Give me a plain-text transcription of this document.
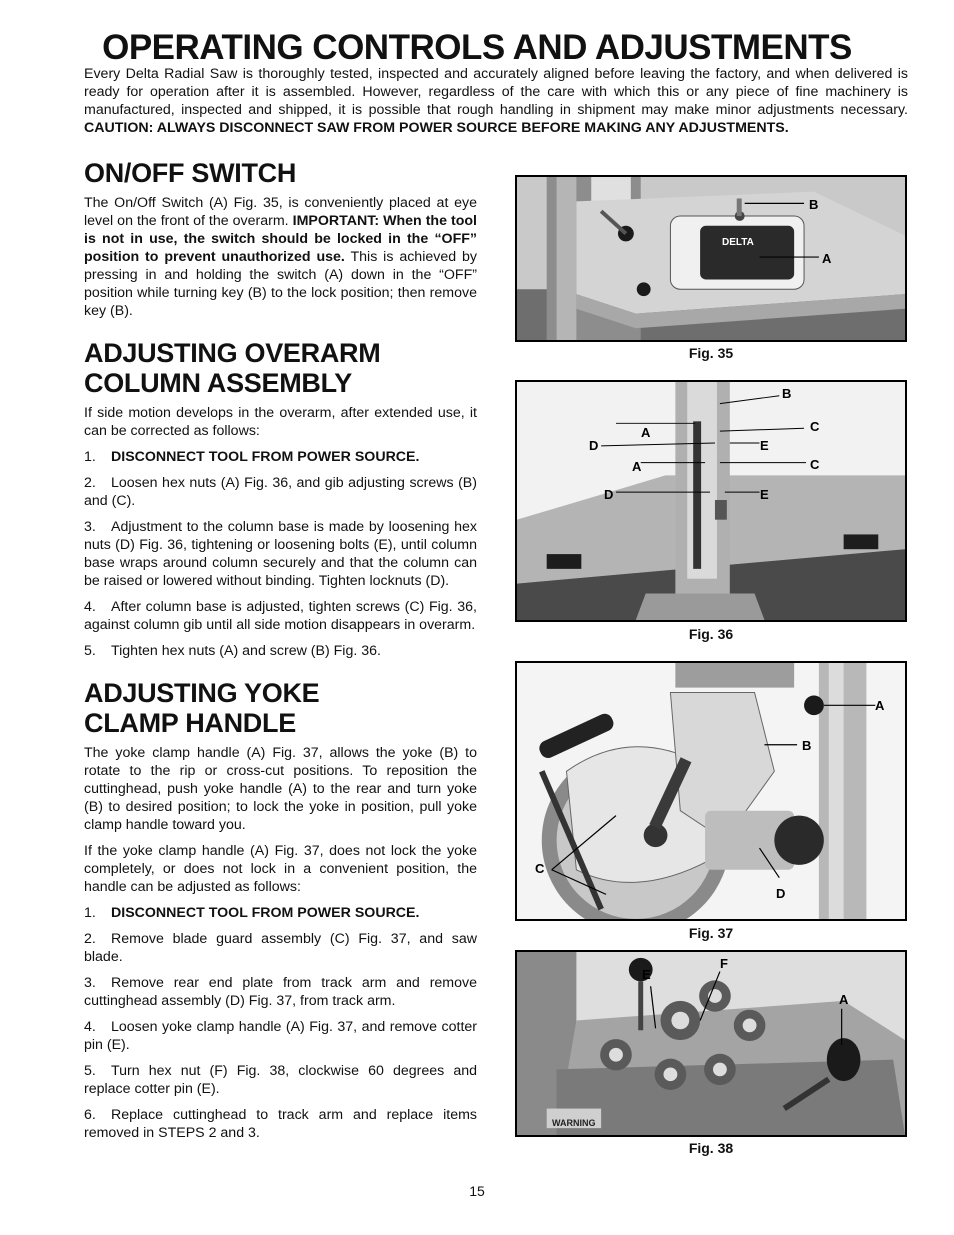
OPERATING CONTROLS AND ADJUSTMENTS

Every Delta Radial Saw is thoroughly tested, inspected and accurately aligned before leaving the factory, and when delivered is ready for operation after it is assembled. However, regardless of the care with which this or any piece of fine machinery is manufactured, inspected and shipped, it is possible that rough handling in shipment may make minor adjustments necessary. CAUTION: ALWAYS DISCONNECT SAW FROM POWER SOURCE BEFORE MAKING ANY ADJUSTMENTS.

ON/OFF SWITCH

The On/Off Switch (A) Fig. 35, is conveniently placed at eye level on the front of the overarm. IMPORTANT: When the tool is not in use, the switch should be locked in the “OFF” position to prevent unauthorized use. This is achieved by pressing in and holding the switch (A) down in the “OFF” position while turning key (B) to the lock position; then remove key (B).

ADJUSTING OVERARM
COLUMN ASSEMBLY

If side motion develops in the overarm, after extended use, it can be corrected as follows:

1. DISCONNECT TOOL FROM POWER SOURCE.

2. Loosen hex nuts (A) Fig. 36, and gib adjusting screws (B) and (C).

3. Adjustment to the column base is made by loosening hex nuts (D) Fig. 36, tightening or loosening bolts (E), until column base wraps around column securely and that the column can be raised or lowered without binding. Tighten locknuts (D).

4. After column base is adjusted, tighten screws (C) Fig. 36, against column gib until all side motion disappears in overarm.

5. Tighten hex nuts (A) and screw (B) Fig. 36.

ADJUSTING YOKE
CLAMP HANDLE

The yoke clamp handle (A) Fig. 37, allows the yoke (B) to rotate to the rip or cross-cut positions. To reposition the cuttinghead, push yoke handle (A) to the rear and turn yoke (B) to desired position; to lock the yoke in position, pull yoke clamp handle toward you.

If the yoke clamp handle (A) Fig. 37, does not lock the yoke completely, or does not lock in a convenient position, the handle can be adjusted as follows:

1. DISCONNECT TOOL FROM POWER SOURCE.

2. Remove blade guard assembly (C) Fig. 37, and saw blade.

3. Remove rear end plate from track arm and remove cuttinghead assembly (D) Fig. 37, from track arm.

4. Loosen yoke clamp handle (A) Fig. 37, and remove cotter pin (E).

5. Turn hex nut (F) Fig. 38, clockwise 60 degrees and replace cotter pin (E).

6. Replace cuttinghead to track arm and replace items removed in STEPS 2 and 3.

DELTA
B
A
Fig. 35
B
A	C
D	E
A	C
D	E
Fig. 36
A
B
C
D
Fig. 37
WARNING
E
F
A
Fig. 38
15
